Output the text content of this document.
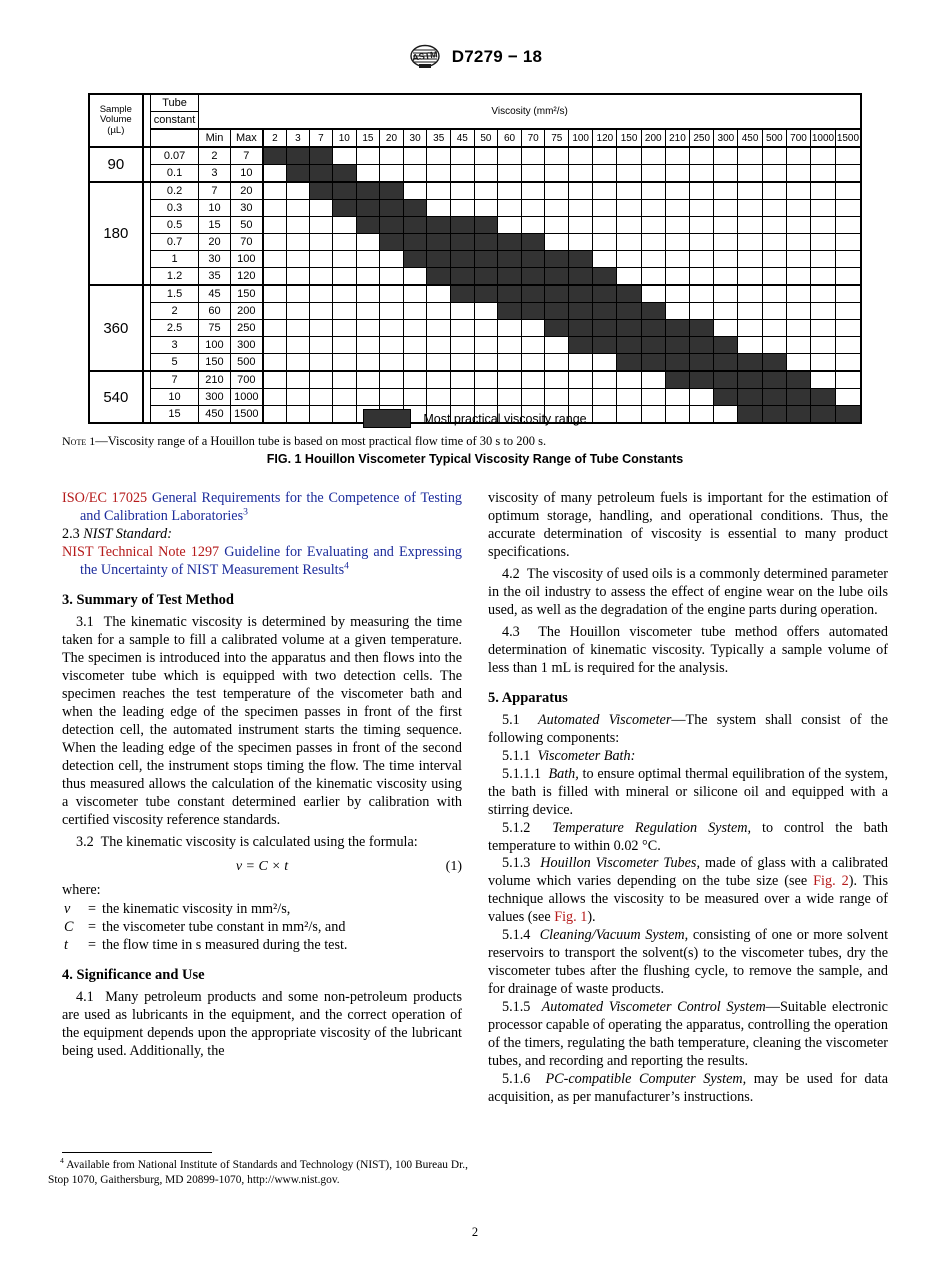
ASTM D7279 − 18
Sample
Volume
(µL)		Tube	Viscosity (mm²/s)																										
		constant																											
			Min	Max	2	3	7	10	15	20	30	35	45	50	60	70	75	100	120	150	200	210	250	300	450	500	700	1000	1500
90		0.07	2	7																									
		0.1	3	10																									
180		0.2	7	20																									
		0.3	10	30																									
		0.5	15	50																									
		0.7	20	70																									
		1	30	100																									
		1.2	35	120																									
360		1.5	45	150																									
		2	60	200																									
		2.5	75	250																									
		3	100	300																									
		5	150	500																									
540		7	210	700																									
		10	300	1000																									
		15	450	1500																										Most practical viscosity range
Note 1—Viscosity range of a Houillon tube is based on most practical flow time of 30 s to 200 s.
FIG. 1 Houillon Viscometer Typical Viscosity Range of Tube Constants

ISO/EC 17025 General Requirements for the Competence of Testing and Calibration Laboratories$^3$

2.3 NIST Standard:

NIST Technical Note 1297 Guideline for Evaluating and Expressing the Uncertainty of NIST Measurement Results$^4$

3. Summary of Test Method

3.1 The kinematic viscosity is determined by measuring the time taken for a sample to fill a calibrated volume at a given temperature. The specimen is introduced into the apparatus and then flows into the viscometer tube which is equipped with two detection cells. The specimen reaches the test temperature of the viscometer bath and when the leading edge of the specimen passes in front of the first detection cell, the automated instrument starts the timing sequence. When the leading edge of the specimen passes in front of the second detection cell, the instrument stops timing the flow. The time interval thus measured allows the calculation of the kinematic viscosity using a viscometer tube constant determined earlier by calibration with certified viscosity reference standards.

3.2 The kinematic viscosity is calculated using the formula:

ν = C × t	(1)

where:

ν	=	the kinematic viscosity in mm²/s,
C	=	the viscometer tube constant in mm²/s, and
t	=	the flow time in s measured during the test.
4. Significance and Use

4.1 Many petroleum products and some non-petroleum products are used as lubricants in the equipment, and the correct operation of the equipment depends upon the appropriate viscosity of the lubricant being used. Additionally, the

viscosity of many petroleum fuels is important for the estimation of optimum storage, handling, and operational conditions. Thus, the accurate determination of viscosity is essential to many product specifications.

4.2 The viscosity of used oils is a commonly determined parameter in the oil industry to assess the effect of engine wear on the lube oils used, as well as the degradation of the engine parts during operation.

4.3 The Houillon viscometer tube method offers automated determination of kinematic viscosity. Typically a sample volume of less than 1 mL is required for the analysis.

5. Apparatus

5.1 Automated Viscometer—The system shall consist of the following components:

5.1.1 Viscometer Bath:

5.1.1.1 Bath, to ensure optimal thermal equilibration of the system, the bath is filled with mineral or silicone oil and equipped with a stirring device.

5.1.2 Temperature Regulation System, to control the bath temperature to within 0.02 °C.

5.1.3 Houillon Viscometer Tubes, made of glass with a calibrated volume which varies depending on the tube size (see Fig. 2). This technique allows the viscosity to be measured over a wide range of values (see Fig. 1).

5.1.4 Cleaning/Vacuum System, consisting of one or more solvent reservoirs to transport the solvent(s) to the viscometer tubes, dry the viscometer tubes after the flushing cycle, to remove the sample, and for drainage of waste products.

5.1.5 Automated Viscometer Control System—Suitable electronic processor capable of operating the apparatus, controlling the operation of the timers, regulating the bath temperature, cleaning the viscometer tubes, and recording and reporting the results.

5.1.6 PC-compatible Computer System, may be used for data acquisition, as per manufacturer’s instructions.

$^4$ Available from National Institute of Standards and Technology (NIST), 100 Bureau Dr., Stop 1070, Gaithersburg, MD 20899-1070, http://www.nist.gov.
2
